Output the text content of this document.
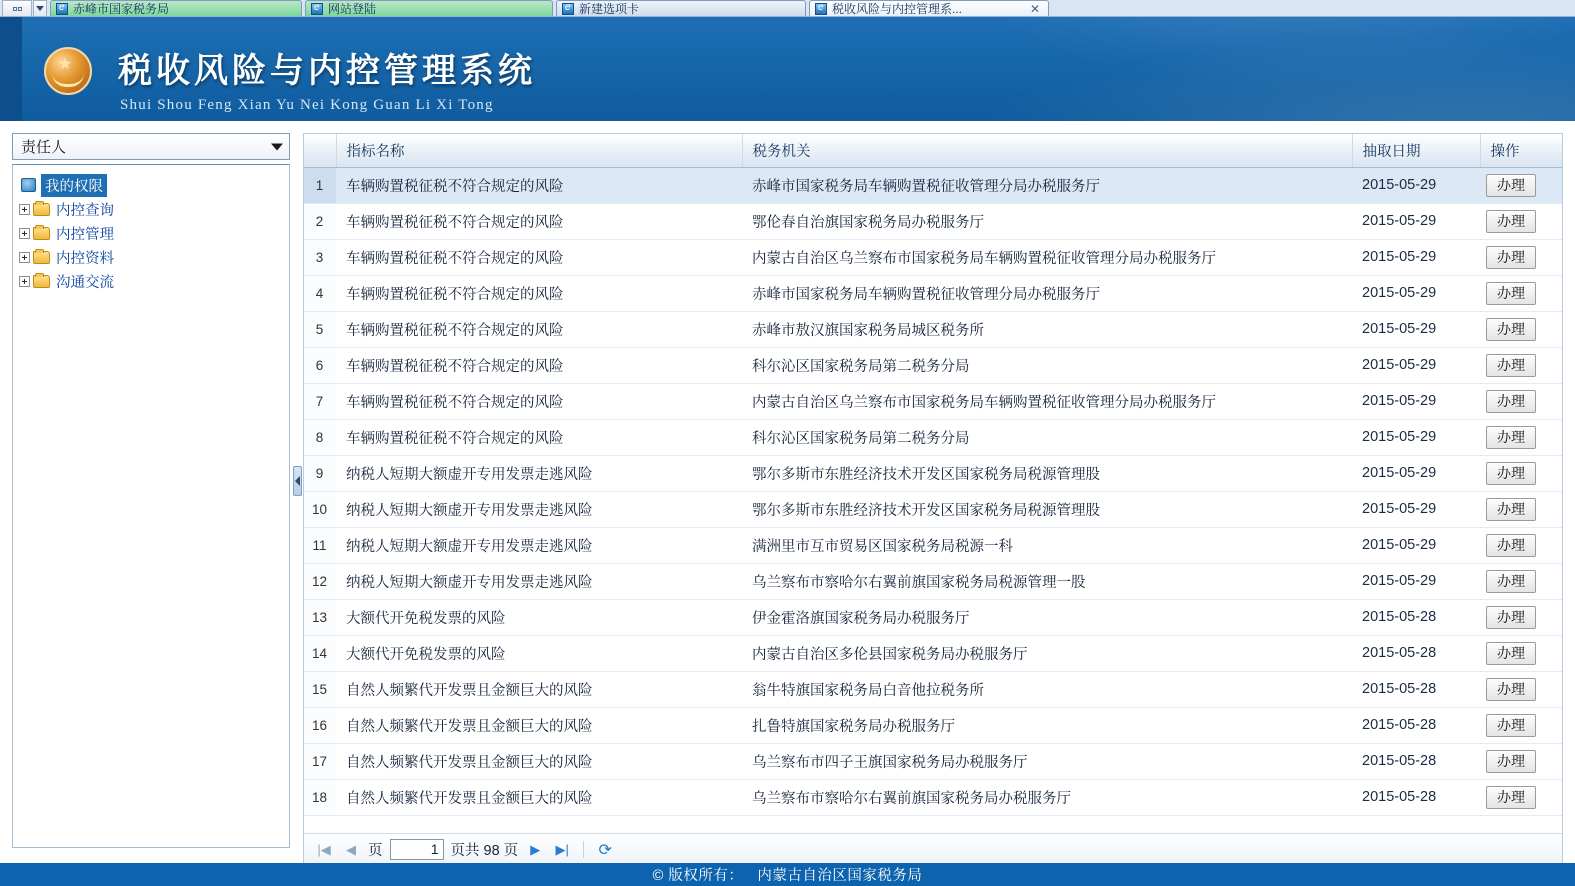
e
赤峰市国家税务局 e	网站登陆 e	新建选项卡 e	税收风险与内控管理系...	✕
★ 税收风险与内控管理系统
Shui Shou Feng Xian Yu Nei Kong Guan Li Xi Tong
责任人
我的权限
内控查询
内控管理
内控资料
沟通交流
	指标名称	税务机关	抽取日期	操作
1	车辆购置税征税不符合规定的风险	赤峰市国家税务局车辆购置税征收管理分局办税服务厅	2015-05-29	办理
2	车辆购置税征税不符合规定的风险	鄂伦春自治旗国家税务局办税服务厅	2015-05-29	办理
3	车辆购置税征税不符合规定的风险	内蒙古自治区乌兰察布市国家税务局车辆购置税征收管理分局办税服务厅	2015-05-29	办理
4	车辆购置税征税不符合规定的风险	赤峰市国家税务局车辆购置税征收管理分局办税服务厅	2015-05-29	办理
5	车辆购置税征税不符合规定的风险	赤峰市敖汉旗国家税务局城区税务所	2015-05-29	办理
6	车辆购置税征税不符合规定的风险	科尔沁区国家税务局第二税务分局	2015-05-29	办理
7	车辆购置税征税不符合规定的风险	内蒙古自治区乌兰察布市国家税务局车辆购置税征收管理分局办税服务厅	2015-05-29	办理
8	车辆购置税征税不符合规定的风险	科尔沁区国家税务局第二税务分局	2015-05-29	办理
9	纳税人短期大额虚开专用发票走逃风险	鄂尔多斯市东胜经济技术开发区国家税务局税源管理股	2015-05-29	办理
10	纳税人短期大额虚开专用发票走逃风险	鄂尔多斯市东胜经济技术开发区国家税务局税源管理股	2015-05-29	办理
11	纳税人短期大额虚开专用发票走逃风险	满洲里市互市贸易区国家税务局税源一科	2015-05-29	办理
12	纳税人短期大额虚开专用发票走逃风险	乌兰察布市察哈尔右翼前旗国家税务局税源管理一股	2015-05-29	办理
13	大额代开免税发票的风险	伊金霍洛旗国家税务局办税服务厅	2015-05-28	办理
14	大额代开免税发票的风险	内蒙古自治区多伦县国家税务局办税服务厅	2015-05-28	办理
15	自然人频繁代开发票且金额巨大的风险	翁牛特旗国家税务局白音他拉税务所	2015-05-28	办理
16	自然人频繁代开发票且金额巨大的风险	扎鲁特旗国家税务局办税服务厅	2015-05-28	办理
17	自然人频繁代开发票且金额巨大的风险	乌兰察布市四子王旗国家税务局办税服务厅	2015-05-28	办理
18	自然人频繁代开发票且金额巨大的风险	乌兰察布市察哈尔右翼前旗国家税务局办税服务厅	2015-05-28	办理
|◀	◀ 页	1 页共 98 页 ▶	▶| ⟳
© 版权所有： 内蒙古自治区国家税务局
